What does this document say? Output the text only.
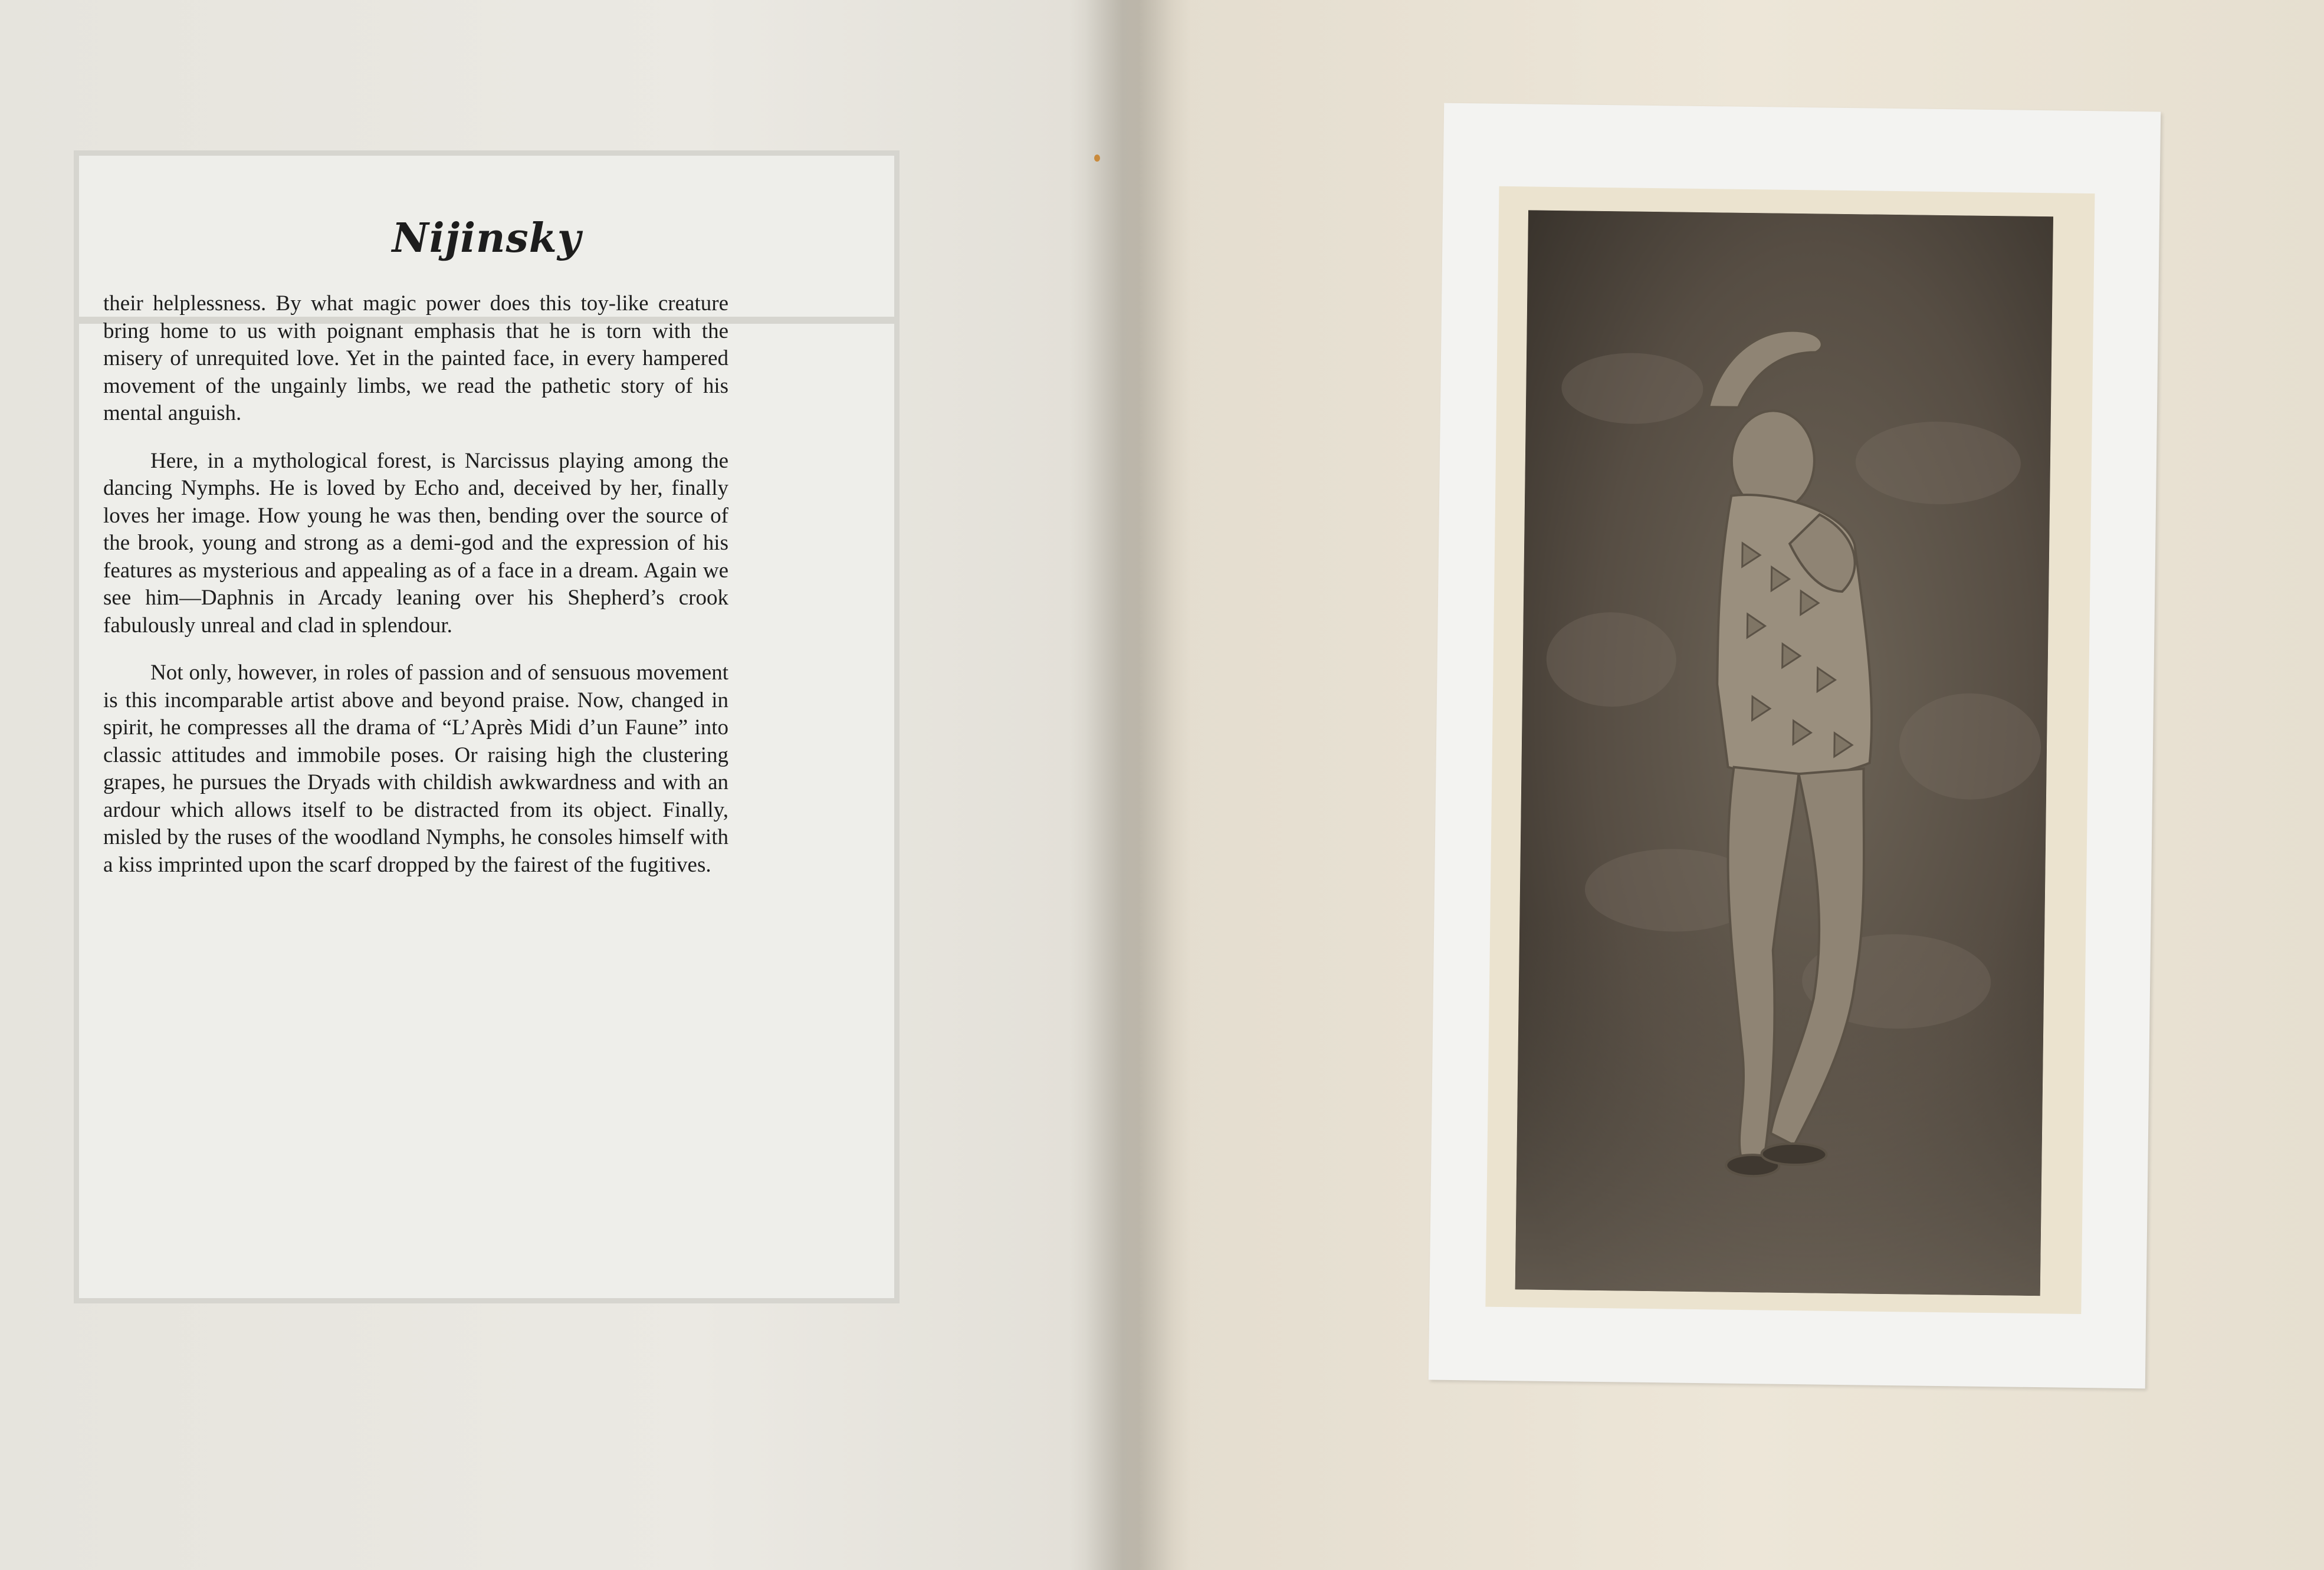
Nijinsky

their helplessness. By what magic power does this toy-like creature bring home to us with poignant emphasis that he is torn with the misery of unrequited love. Yet in the painted face, in every hampered movement of the ungainly limbs, we read the pathetic story of his mental anguish.

Here, in a mythological forest, is Narcissus playing among the dancing Nymphs. He is loved by Echo and, deceived by her, finally loves her image. How young he was then, bending over the source of the brook, young and strong as a demi-god and the expression of his features as mysterious and appealing as of a face in a dream. Again we see him—Daphnis in Arcady leaning over his Shepherd’s crook fabulously unreal and clad in splendour.

Not only, however, in roles of passion and of sensuous movement is this incomparable artist above and beyond praise. Now, changed in spirit, he compresses all the drama of “L’Après Midi d’un Faune” into classic attitudes and immobile poses. Or raising high the clustering grapes, he pursues the Dryads with childish awkwardness and with an ardour which allows itself to be distracted from its object. Finally, misled by the ruses of the woodland Nymphs, he consoles himself with a kiss imprinted upon the scarf dropped by the fairest of the fugitives.
